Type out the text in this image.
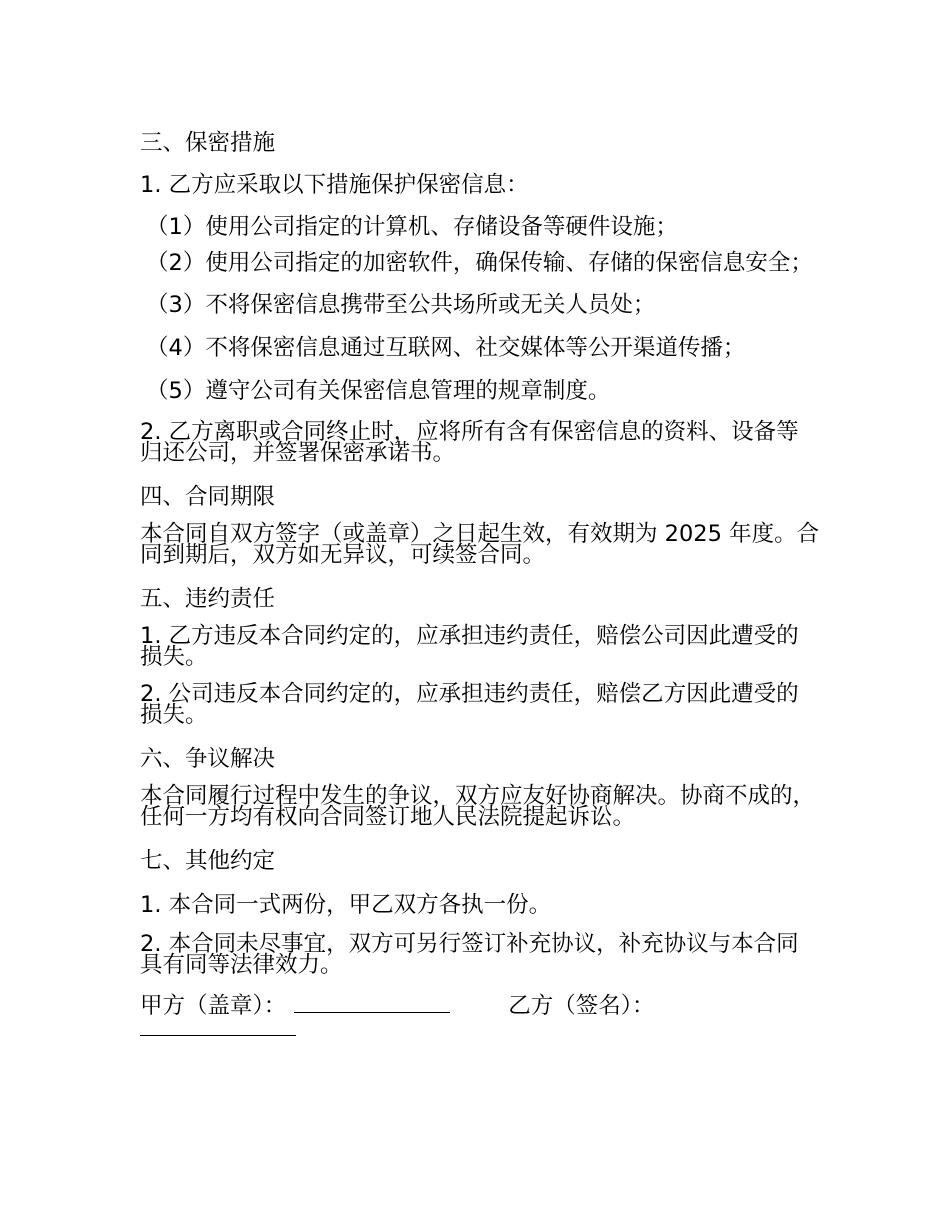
三、保密措施

1. 乙方应采取以下措施保护保密信息：

（1）使用公司指定的计算机、存储设备等硬件设施；

（2）使用公司指定的加密软件，确保传输、存储的保密信息安全；

（3）不将保密信息携带至公共场所或无关人员处；

（4）不将保密信息通过互联网、社交媒体等公开渠道传播；

（5）遵守公司有关保密信息管理的规章制度。

2. 乙方离职或合同终止时，应将所有含有保密信息的资料、设备等归还公司，并签署保密承诺书。

四、合同期限

本合同自双方签字（或盖章）之日起生效，有效期为 2025 年度。合同到期后，双方如无异议，可续签合同。

五、违约责任

1. 乙方违反本合同约定的，应承担违约责任，赔偿公司因此遭受的损失。

2. 公司违反本合同约定的，应承担违约责任，赔偿乙方因此遭受的损失。

六、争议解决

本合同履行过程中发生的争议，双方应友好协商解决。协商不成的，任何一方均有权向合同签订地人民法院提起诉讼。

七、其他约定

1. 本合同一式两份，甲乙双方各执一份。

2. 本合同未尽事宜，双方可另行签订补充协议，补充协议与本合同具有同等法律效力。

甲方（盖章）：	乙方（签名）：
